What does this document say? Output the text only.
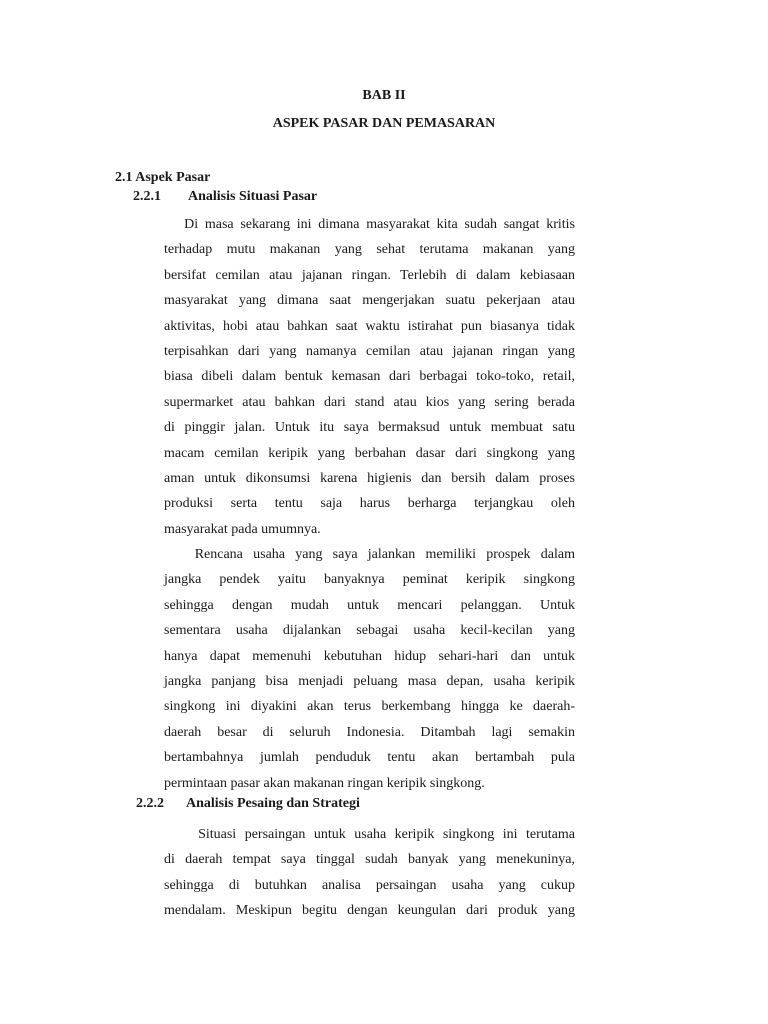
BAB II
ASPEK PASAR DAN PEMASARAN
2.1 Aspek Pasar
2.2.1 Analisis Situasi Pasar

Di masa sekarang ini dimana masyarakat kita sudah sangat kritis
terhadap mutu makanan yang sehat terutama makanan yang
bersifat cemilan atau jajanan ringan. Terlebih di dalam kebiasaan
masyarakat yang dimana saat mengerjakan suatu pekerjaan atau
aktivitas, hobi atau bahkan saat waktu istirahat pun biasanya tidak
terpisahkan dari yang namanya cemilan atau jajanan ringan yang
biasa dibeli dalam bentuk kemasan dari berbagai toko-toko, retail,
supermarket atau bahkan dari stand atau kios yang sering berada
di pinggir jalan. Untuk itu saya bermaksud untuk membuat satu
macam cemilan keripik yang berbahan dasar dari singkong yang
aman untuk dikonsumsi karena higienis dan bersih dalam proses
produksi serta tentu saja harus berharga terjangkau oleh
masyarakat pada umumnya.

Rencana usaha yang saya jalankan memiliki prospek dalam
jangka pendek yaitu banyaknya peminat keripik singkong
sehingga dengan mudah untuk mencari pelanggan. Untuk
sementara usaha dijalankan sebagai usaha kecil-kecilan yang
hanya dapat memenuhi kebutuhan hidup sehari-hari dan untuk
jangka panjang bisa menjadi peluang masa depan, usaha keripik
singkong ini diyakini akan terus berkembang hingga ke daerah-
daerah besar di seluruh Indonesia. Ditambah lagi semakin
bertambahnya jumlah penduduk tentu akan bertambah pula
permintaan pasar akan makanan ringan keripik singkong.

2.2.2 Analisis Pesaing dan Strategi

Situasi persaingan untuk usaha keripik singkong ini terutama
di daerah tempat saya tinggal sudah banyak yang menekuninya,
sehingga di butuhkan analisa persaingan usaha yang cukup
mendalam. Meskipun begitu dengan keungulan dari produk yang
